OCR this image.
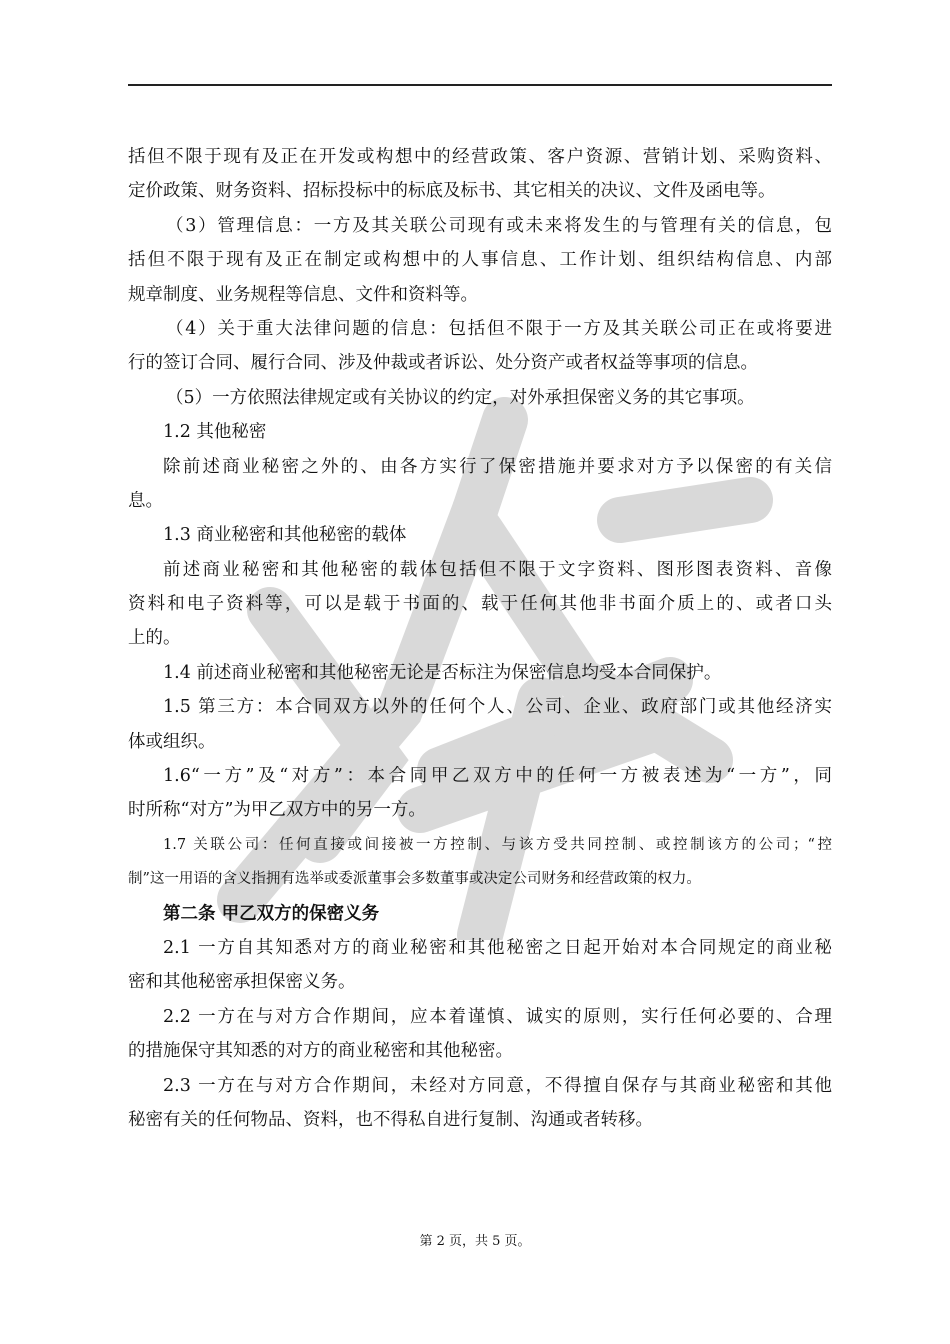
括但不限于现有及正在开发或构想中的经营政策、客户资源、营销计划、采购资料、
定价政策、财务资料、招标投标中的标底及标书、其它相关的决议、文件及函电等。
（3）管理信息：一方及其关联公司现有或未来将发生的与管理有关的信息，包
括但不限于现有及正在制定或构想中的人事信息、工作计划、组织结构信息、内部
规章制度、业务规程等信息、文件和资料等。
（4）关于重大法律问题的信息：包括但不限于一方及其关联公司正在或将要进
行的签订合同、履行合同、涉及仲裁或者诉讼、处分资产或者权益等事项的信息。
（5）一方依照法律规定或有关协议的约定，对外承担保密义务的其它事项。
1.2 其他秘密
除前述商业秘密之外的、由各方实行了保密措施并要求对方予以保密的有关信
息。
1.3 商业秘密和其他秘密的载体
前述商业秘密和其他秘密的载体包括但不限于文字资料、图形图表资料、音像
资料和电子资料等，可以是载于书面的、载于任何其他非书面介质上的、或者口头
上的。
1.4 前述商业秘密和其他秘密无论是否标注为保密信息均受本合同保护。
1.5 第三方：本合同双方以外的任何个人、公司、企业、政府部门或其他经济实
体或组织。
1.6“一方”及“对方”：本合同甲乙双方中的任何一方被表述为“一方”，同
时所称“对方”为甲乙双方中的另一方。
1.7 关联公司：任何直接或间接被一方控制、与该方受共同控制、或控制该方的公司；“控
制”这一用语的含义指拥有选举或委派董事会多数董事或决定公司财务和经营政策的权力。
第二条 甲乙双方的保密义务
2.1 一方自其知悉对方的商业秘密和其他秘密之日起开始对本合同规定的商业秘
密和其他秘密承担保密义务。
2.2 一方在与对方合作期间，应本着谨慎、诚实的原则，实行任何必要的、合理
的措施保守其知悉的对方的商业秘密和其他秘密。
2.3 一方在与对方合作期间，未经对方同意，不得擅自保存与其商业秘密和其他
秘密有关的任何物品、资料，也不得私自进行复制、沟通或者转移。
第 2 页，共 5 页。
